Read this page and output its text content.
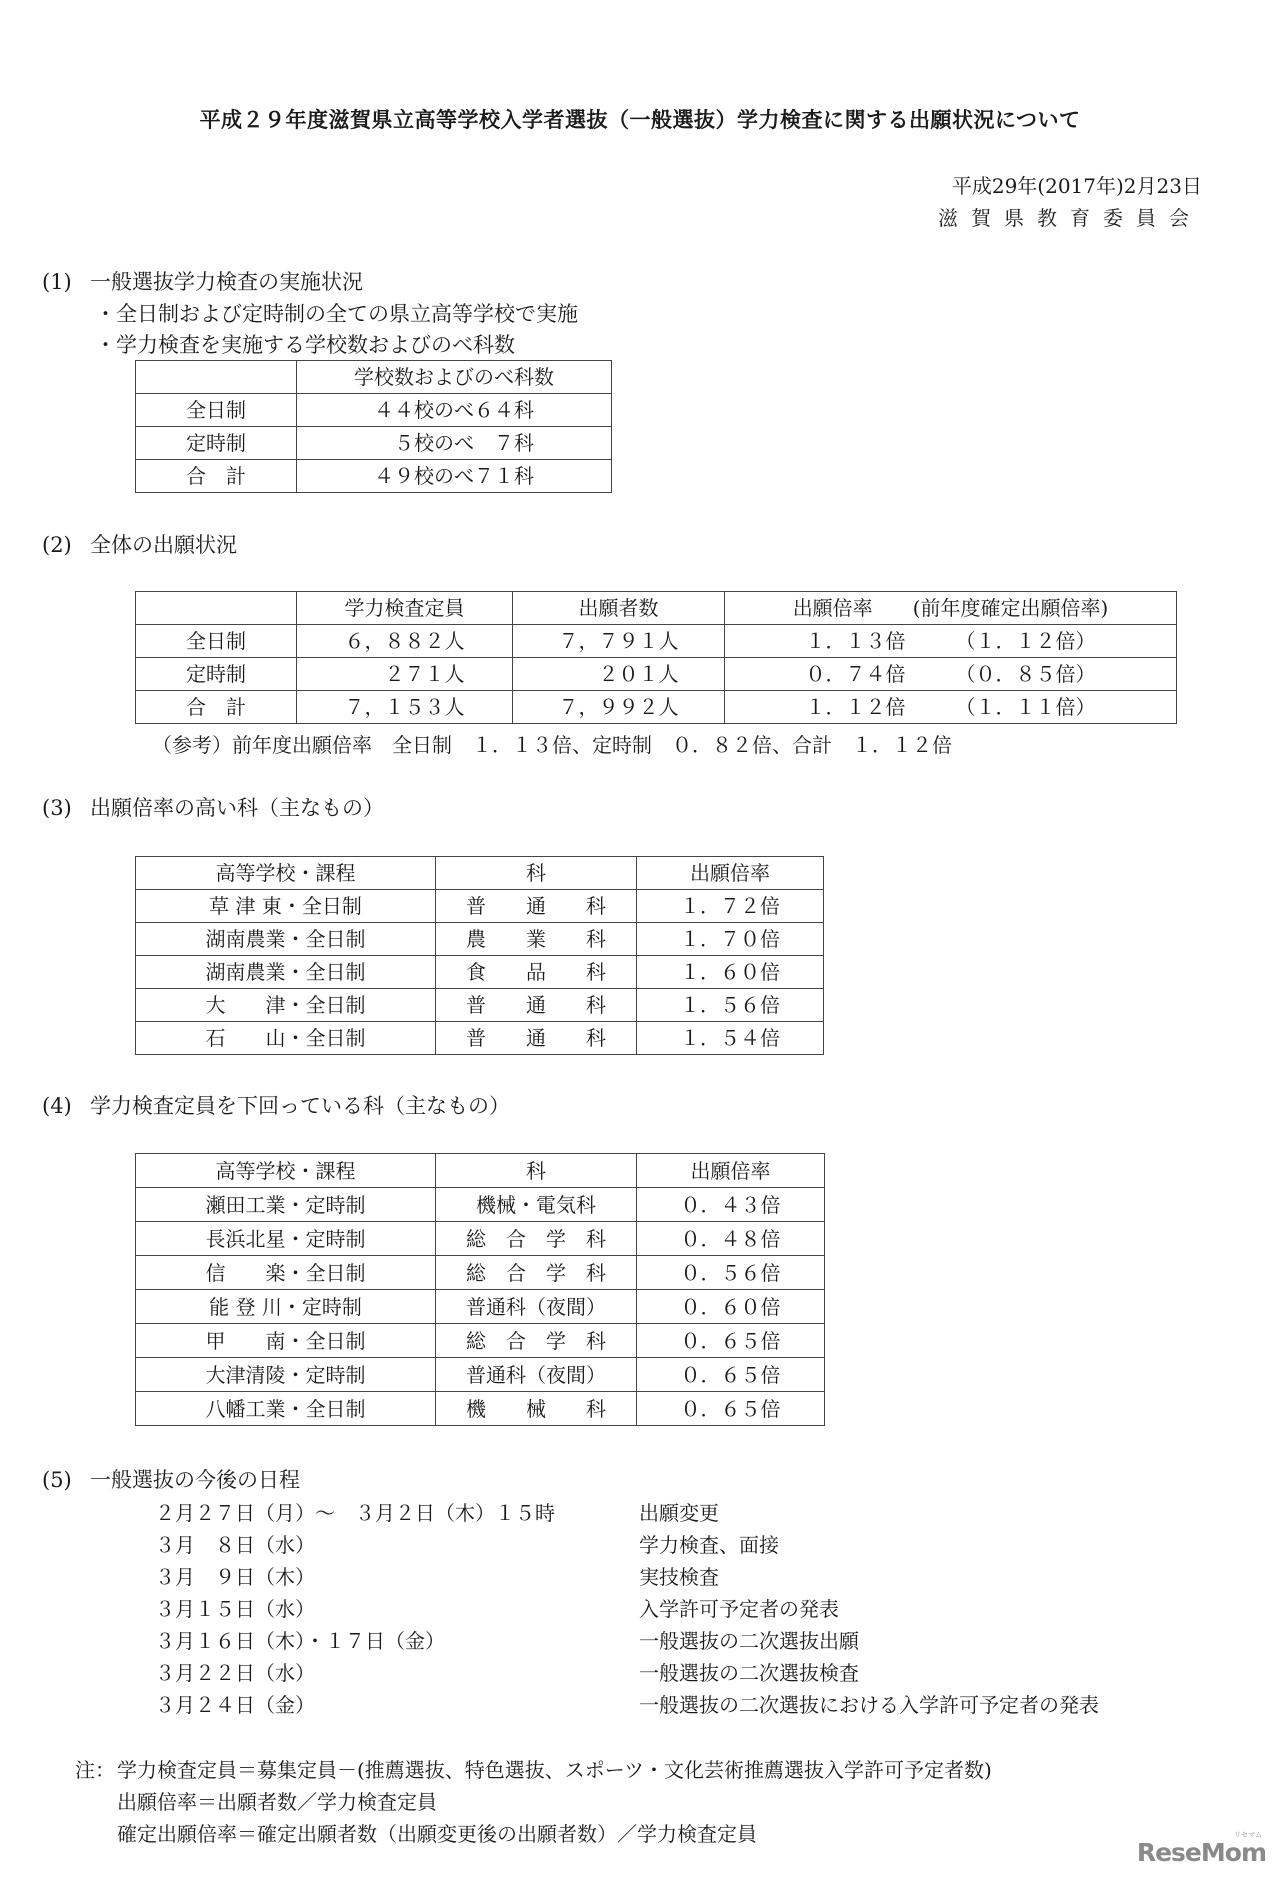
平成２９年度滋賀県立高等学校入学者選抜（一般選抜）学力検査に関する出願状況について
平成29年(2017年)2月23日
滋賀県教育委員会
(1) 一般選抜学力検査の実施状況
・全日制および定時制の全ての県立高等学校で実施
・学力検査を実施する学校数およびのべ科数
	学校数およびのべ科数
全日制	４４校のべ６４科
定時制	　５校のべ　７科
合　計	４９校のべ７１科
(2) 全体の出願状況
	学力検査定員	出願者数	出願倍率　　(前年度確定出願倍率)
全日制	６，８８２人	７，７９１人	１．１３倍　　　（１．１２倍）
定時制	　　２７１人	　　２０１人	０．７４倍　　　（０．８５倍）
合　計	７，１５３人	７，９９２人	１．１２倍　　　（１．１１倍）
（参考）前年度出願倍率　全日制　１．１３倍、定時制　０．８２倍、合計　１．１２倍
(3) 出願倍率の高い科（主なもの）
高等学校・課程	科	出願倍率
草 津 東・全日制	普　　通　　科	１．７２倍
湖南農業・全日制	農　　業　　科	１．７０倍
湖南農業・全日制	食　　品　　科	１．６０倍
大　　津・全日制	普　　通　　科	１．５６倍
石　　山・全日制	普　　通　　科	１．５４倍
(4) 学力検査定員を下回っている科（主なもの）
高等学校・課程	科	出願倍率
瀬田工業・定時制	機械・電気科	０．４３倍
長浜北星・定時制	総　合　学　科	０．４８倍
信　　楽・全日制	総　合　学　科	０．５６倍
能 登 川・定時制	普通科（夜間）	０．６０倍
甲　　南・全日制	総　合　学　科	０．６５倍
大津清陵・定時制	普通科（夜間）	０．６５倍
八幡工業・全日制	機　　械　　科	０．６５倍
(5) 一般選抜の今後の日程
２月２７日（月）～　３月２日（木）１５時	出願変更
３月　８日（水）	学力検査、面接
３月　９日（木）	実技検査
３月１５日（水）	入学許可予定者の発表
３月１６日（木）・１７日（金）	一般選抜の二次選抜出願
３月２２日（水）	一般選抜の二次選抜検査
３月２４日（金）	一般選抜の二次選抜における入学許可予定者の発表
注： 学力検査定員＝募集定員－(推薦選抜、特色選抜、スポーツ・文化芸術推薦選抜入学許可予定者数)
出願倍率＝出願者数／学力検査定員
確定出願倍率＝確定出願者数（出願変更後の出願者数）／学力検査定員	リセマム
ReseMom
